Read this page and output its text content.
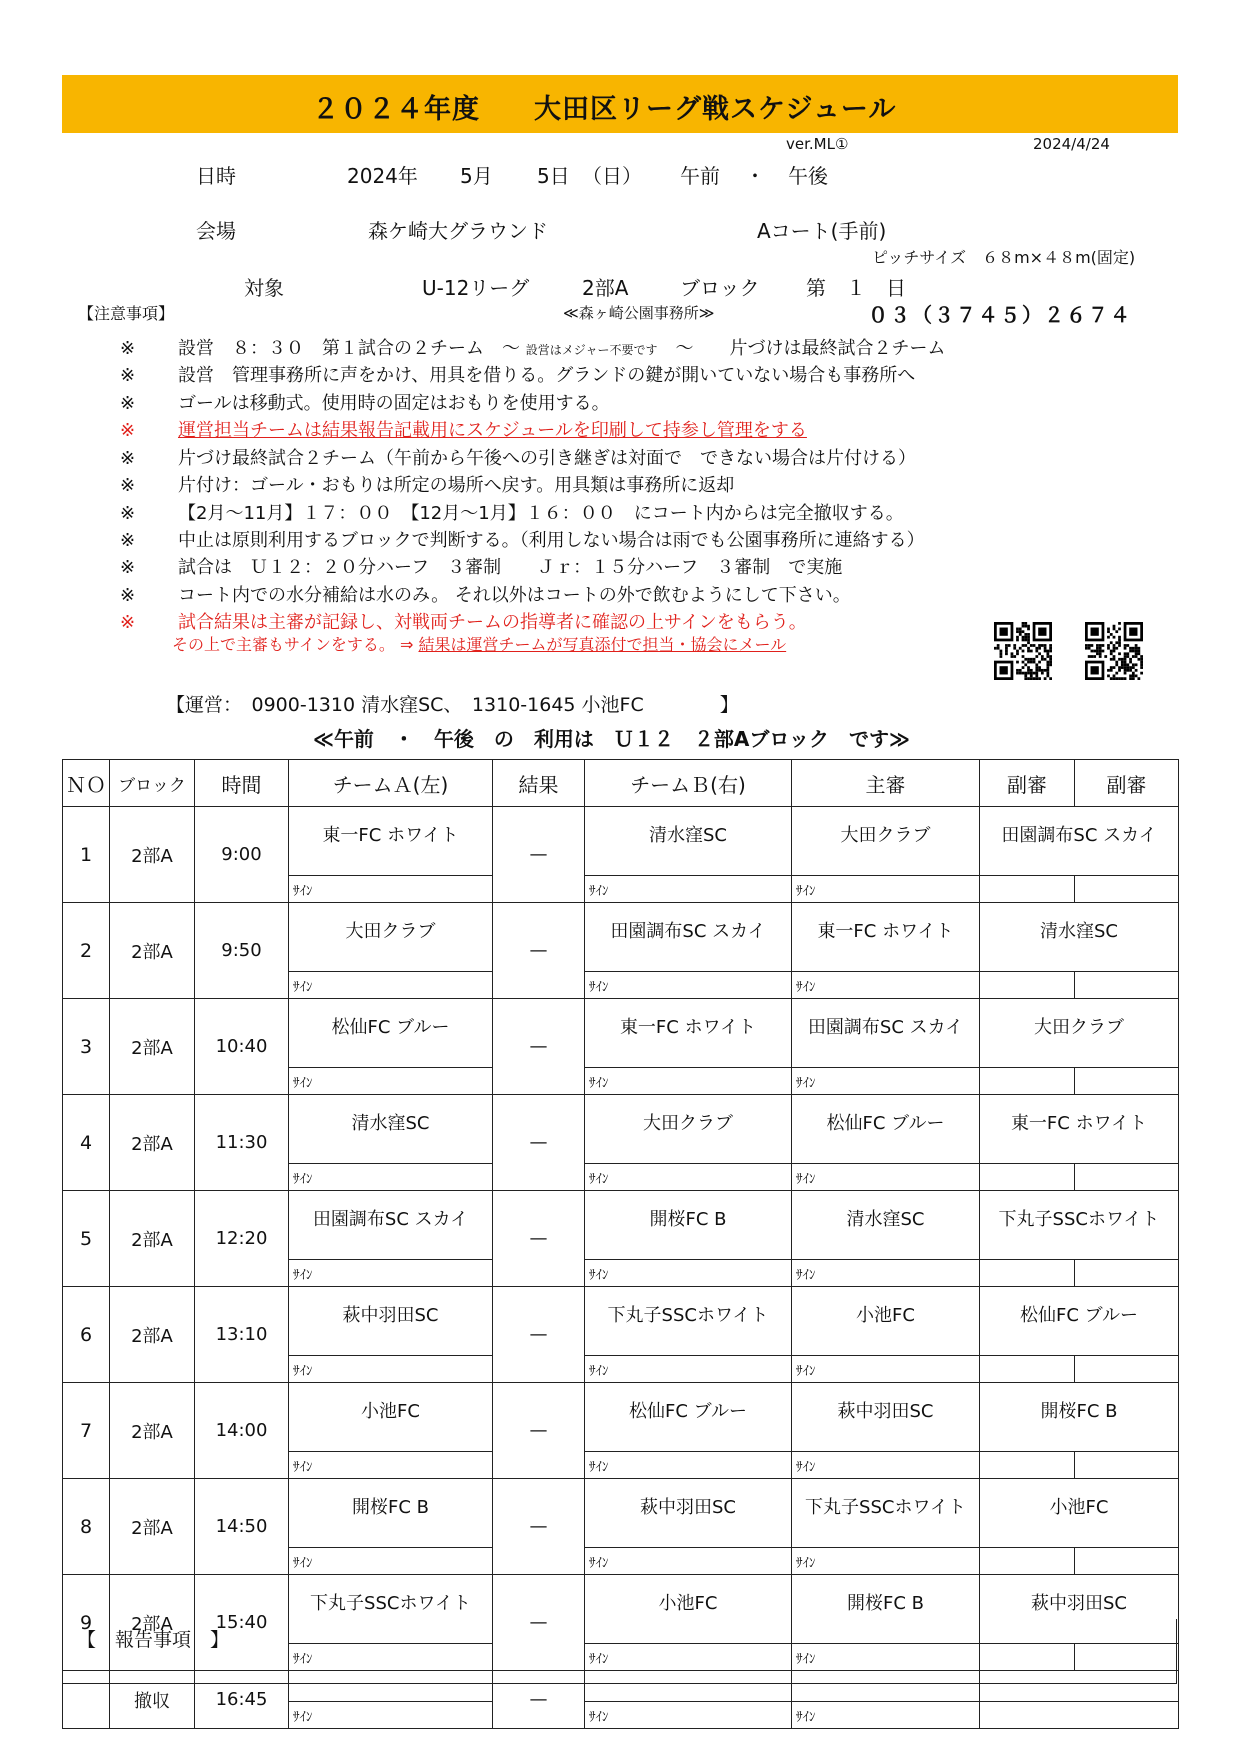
２０２４年度 大田区リーグ戦スケジュール
ver.ML①	2024/4/24
日時	2024年 5月 5日 （日） 午前 ・ 午後
会場	森ケ崎大グラウンド	Aコート(手前)
ピッチサイズ　６８m×４８m(固定)
対象	U-12リーグ	2部A	ブロック 第　１　日
【注意事項】	≪森ヶ崎公園事務所≫	０３（３７４５）２６７４
※ 設営　８：３０　第１試合の２チーム　～ 設営はメジャー不要です　～　　片づけは最終試合２チーム
※ 設営　管理事務所に声をかけ、用具を借りる。グランドの鍵が開いていない場合も事務所へ
※ ゴールは移動式。使用時の固定はおもりを使用する。
※ 運営担当チームは結果報告記載用にスケジュールを印刷して持参し管理をする
※ 片づけ最終試合２チーム（午前から午後への引き継ぎは対面で　できない場合は片付ける）
※ 片付け：ゴール・おもりは所定の場所へ戻す。用具類は事務所に返却
※ 【2月～11月】１７：００　【12月～1月】１６：００　にコート内からは完全撤収する。
※ 中止は原則利用するブロックで判断する。（利用しない場合は雨でも公園事務所に連絡する）
※ 試合は　Ｕ１２：２０分ハーフ　３審制　　Ｊｒ：１５分ハーフ　３審制　で実施
※ コート内での水分補給は水のみ。 それ以外はコートの外で飲むようにして下さい。
※ 試合結果は主審が記録し、対戦両チームの指導者に確認の上サインをもらう。
その上で主審もサインをする。 ⇒ 結果は運営チームが写真添付で担当・協会にメール
【運営：　0900-1310 清水窪SC、　1310-1645 小池FC　　　　】
≪午前　・　午後　の　利用は　Ｕ１２　２部Aブロック　です≫
ＮＯ	ブロック	時間	チームＡ(左)	結果	チームＢ(右)	主審	副審	副審
1	2部A	9:00	東一FC ホワイト	—	清水窪SC	大田クラブ	田園調布SC スカイ	
			ｻｲﾝ		ｻｲﾝ	ｻｲﾝ		
2	2部A	9:50	大田クラブ	—	田園調布SC スカイ	東一FC ホワイト	清水窪SC	
			ｻｲﾝ		ｻｲﾝ	ｻｲﾝ		
3	2部A	10:40	松仙FC ブルー	—	東一FC ホワイト	田園調布SC スカイ	大田クラブ	
			ｻｲﾝ		ｻｲﾝ	ｻｲﾝ		
4	2部A	11:30	清水窪SC	—	大田クラブ	松仙FC ブルー	東一FC ホワイト	
			ｻｲﾝ		ｻｲﾝ	ｻｲﾝ		
5	2部A	12:20	田園調布SC スカイ	—	開桜FC B	清水窪SC	下丸子SSCホワイト	
			ｻｲﾝ		ｻｲﾝ	ｻｲﾝ		
6	2部A	13:10	萩中羽田SC	—	下丸子SSCホワイト	小池FC	松仙FC ブルー	
			ｻｲﾝ		ｻｲﾝ	ｻｲﾝ		
7	2部A	14:00	小池FC	—	松仙FC ブルー	萩中羽田SC	開桜FC B	
			ｻｲﾝ		ｻｲﾝ	ｻｲﾝ		
8	2部A	14:50	開桜FC B	—	萩中羽田SC	下丸子SSCホワイト	小池FC	
			ｻｲﾝ		ｻｲﾝ	ｻｲﾝ		
9	2部A	15:40	下丸子SSCホワイト	—	小池FC	開桜FC B	萩中羽田SC	
			ｻｲﾝ		ｻｲﾝ	ｻｲﾝ		
	撤収	16:45		—				
			ｻｲﾝ		ｻｲﾝ	ｻｲﾝ		
【　報告事項　】
